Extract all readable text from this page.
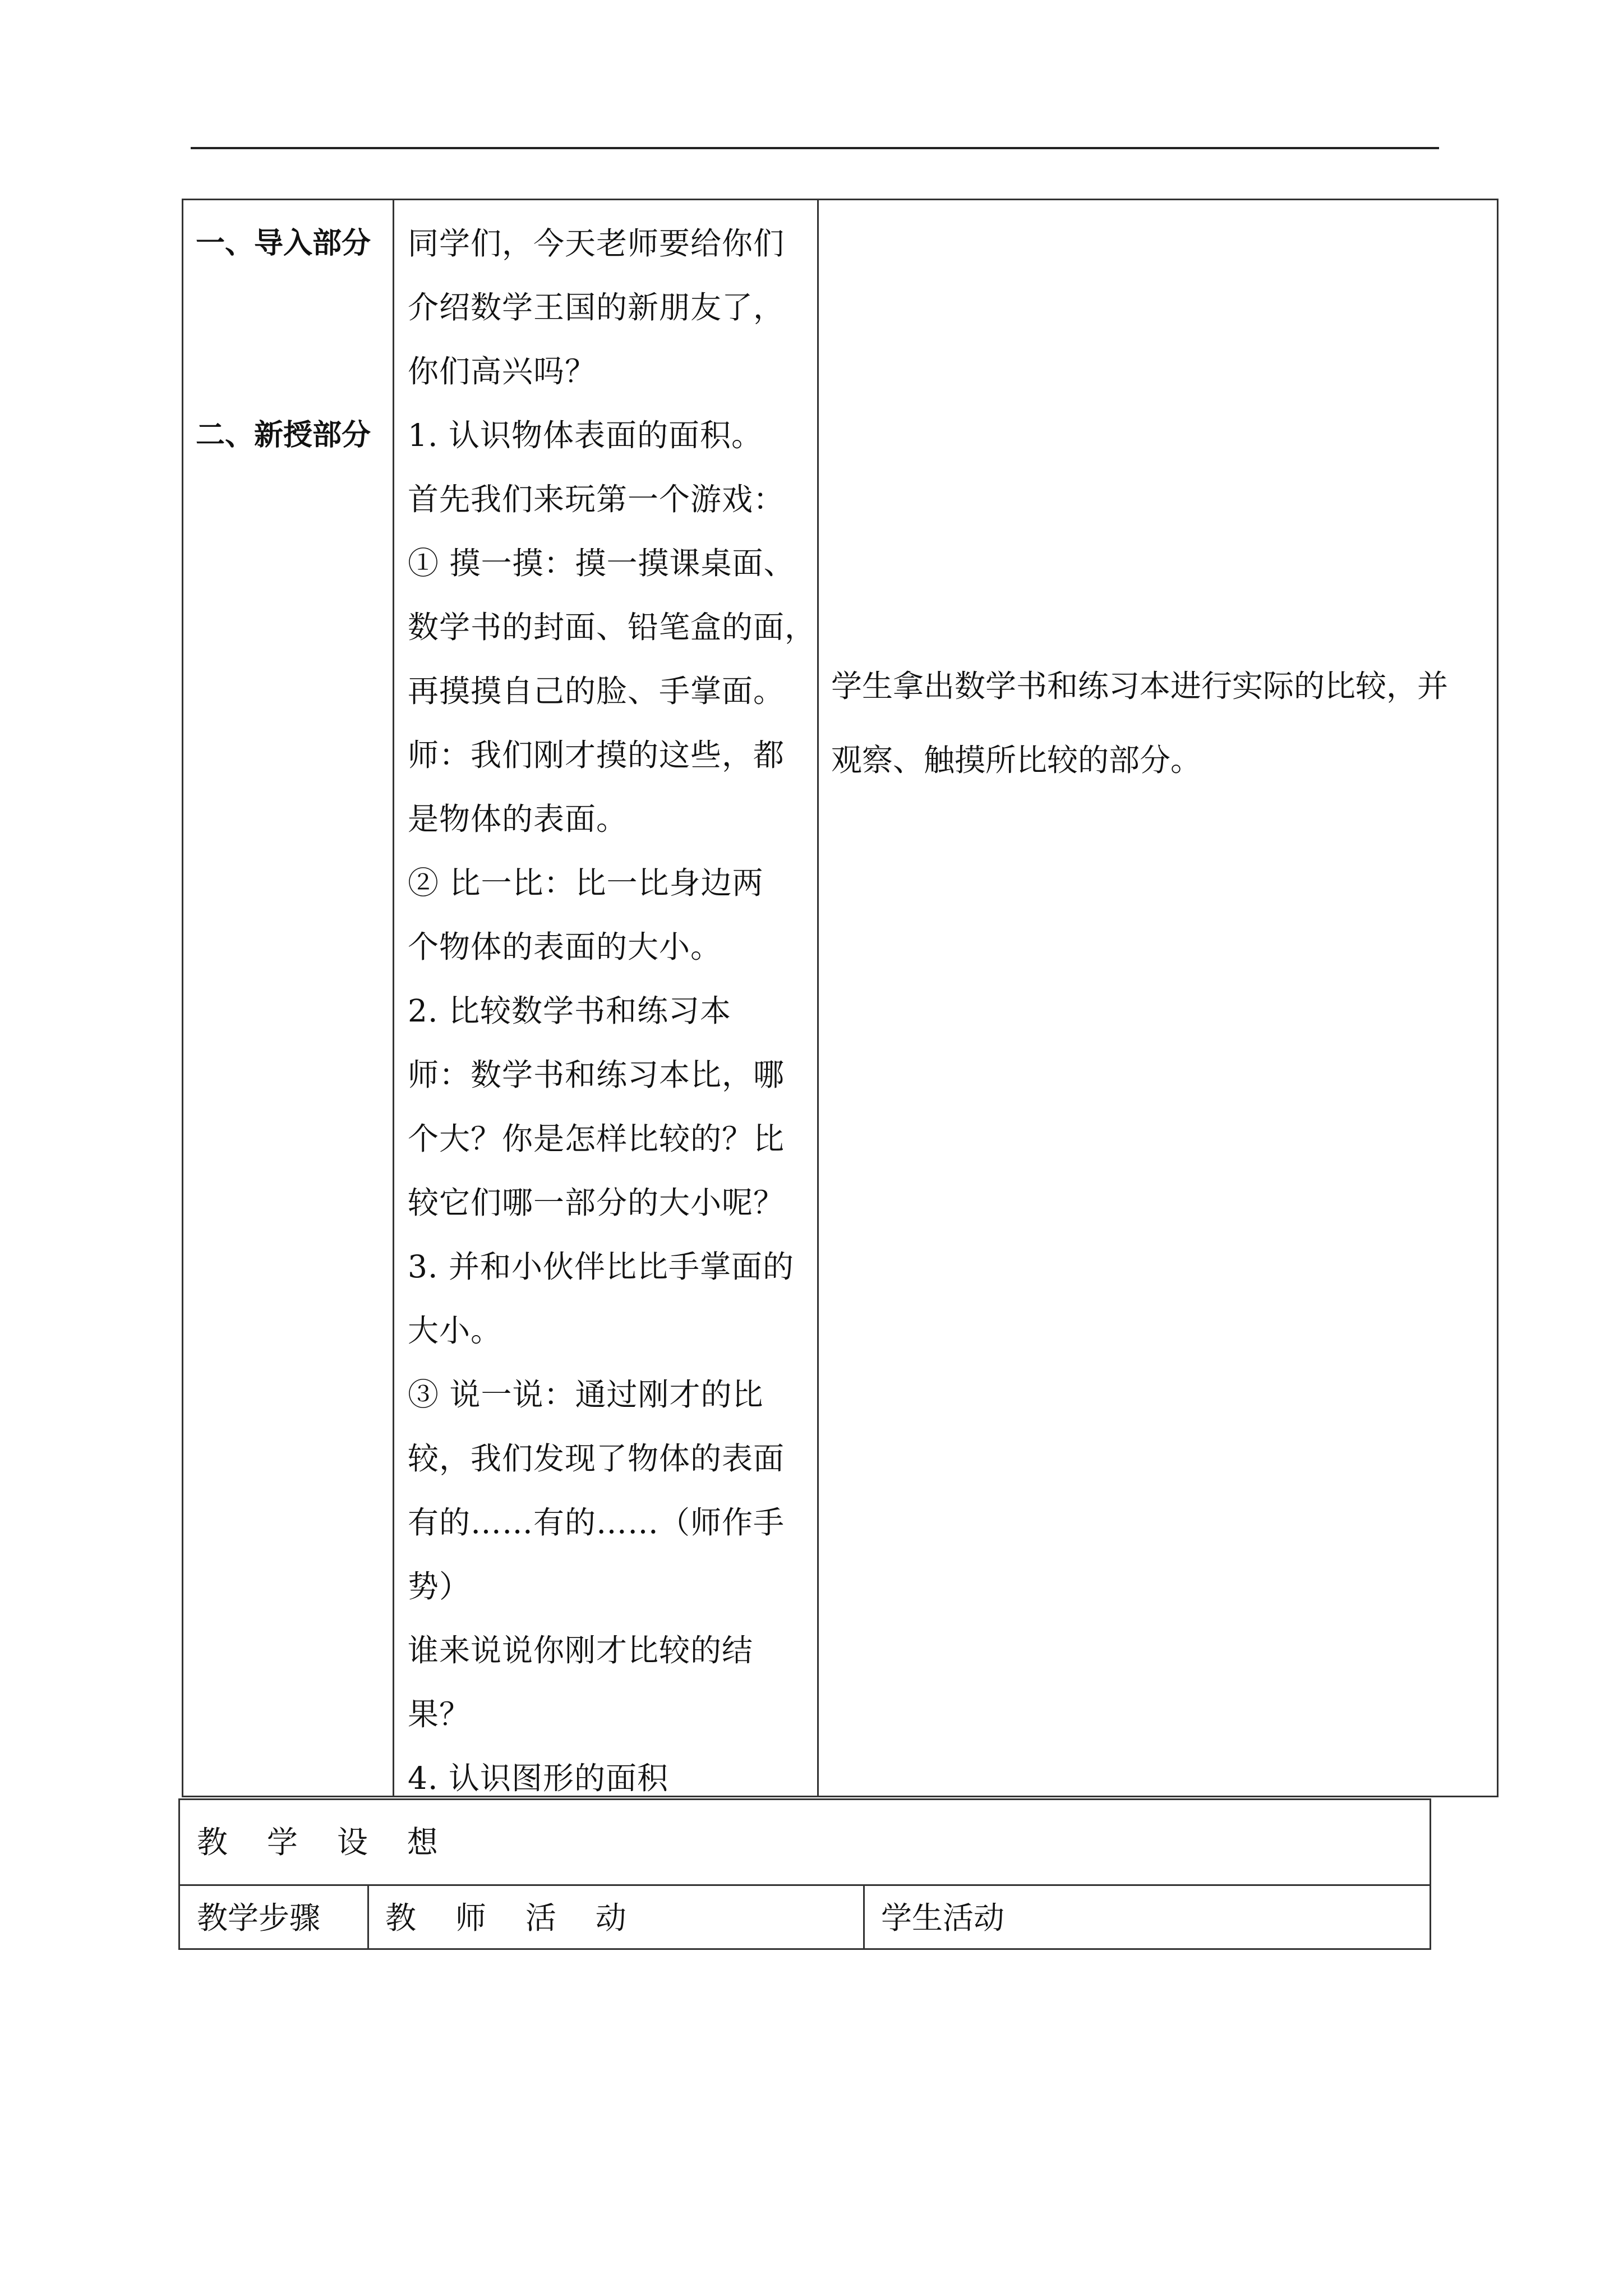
一、导入部分
二、新授部分
同学们，今天老师要给你们
介绍数学王国的新朋友了，
你们高兴吗？
1. 认识物体表面的面积。
首先我们来玩第一个游戏：
① 摸一摸：摸一摸课桌面、
数学书的封面、铅笔盒的面，
再摸摸自己的脸、手掌面。
师：我们刚才摸的这些，都
是物体的表面。
② 比一比：比一比身边两
个物体的表面的大小。
2. 比较数学书和练习本
师：数学书和练习本比，哪
个大？你是怎样比较的？比
较它们哪一部分的大小呢？
3. 并和小伙伴比比手掌面的
大小。
③ 说一说：通过刚才的比
较，我们发现了物体的表面
有的……有的……（师作手
势）
谁来说说你刚才比较的结
果？
4. 认识图形的面积
学生拿出数学书和练习本进行实际的比较，并
观察、触摸所比较的部分。
教    学    设    想
教学步骤 教    师    活    动	学生活动
